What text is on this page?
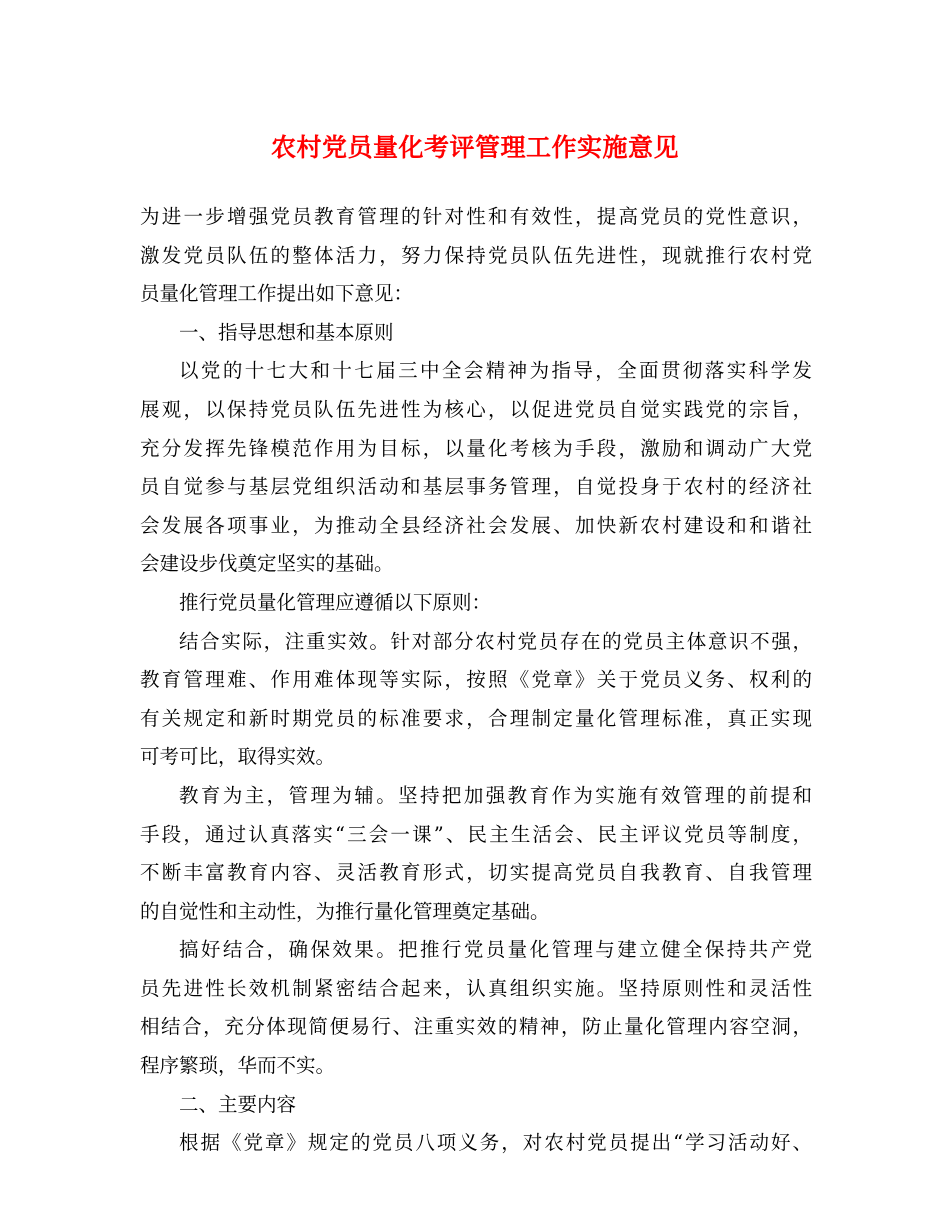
农村党员量化考评管理工作实施意见
为进一步增强党员教育管理的针对性和有效性，提高党员的党性意识，
激发党员队伍的整体活力，努力保持党员队伍先进性，现就推行农村党
员量化管理工作提出如下意见：
一、指导思想和基本原则
以党的十七大和十七届三中全会精神为指导，全面贯彻落实科学发
展观，以保持党员队伍先进性为核心，以促进党员自觉实践党的宗旨，
充分发挥先锋模范作用为目标，以量化考核为手段，激励和调动广大党
员自觉参与基层党组织活动和基层事务管理，自觉投身于农村的经济社
会发展各项事业，为推动全县经济社会发展、加快新农村建设和和谐社
会建设步伐奠定坚实的基础。
推行党员量化管理应遵循以下原则：
结合实际，注重实效。针对部分农村党员存在的党员主体意识不强，
教育管理难、作用难体现等实际，按照《党章》关于党员义务、权利的
有关规定和新时期党员的标准要求，合理制定量化管理标准，真正实现
可考可比，取得实效。
教育为主，管理为辅。坚持把加强教育作为实施有效管理的前提和
手段，通过认真落实“三会一课”、民主生活会、民主评议党员等制度，
不断丰富教育内容、灵活教育形式，切实提高党员自我教育、自我管理
的自觉性和主动性，为推行量化管理奠定基础。
搞好结合，确保效果。把推行党员量化管理与建立健全保持共产党
员先进性长效机制紧密结合起来，认真组织实施。坚持原则性和灵活性
相结合，充分体现简便易行、注重实效的精神，防止量化管理内容空洞，
程序繁琐，华而不实。
二、主要内容
根据《党章》规定的党员八项义务，对农村党员提出“学习活动好、
